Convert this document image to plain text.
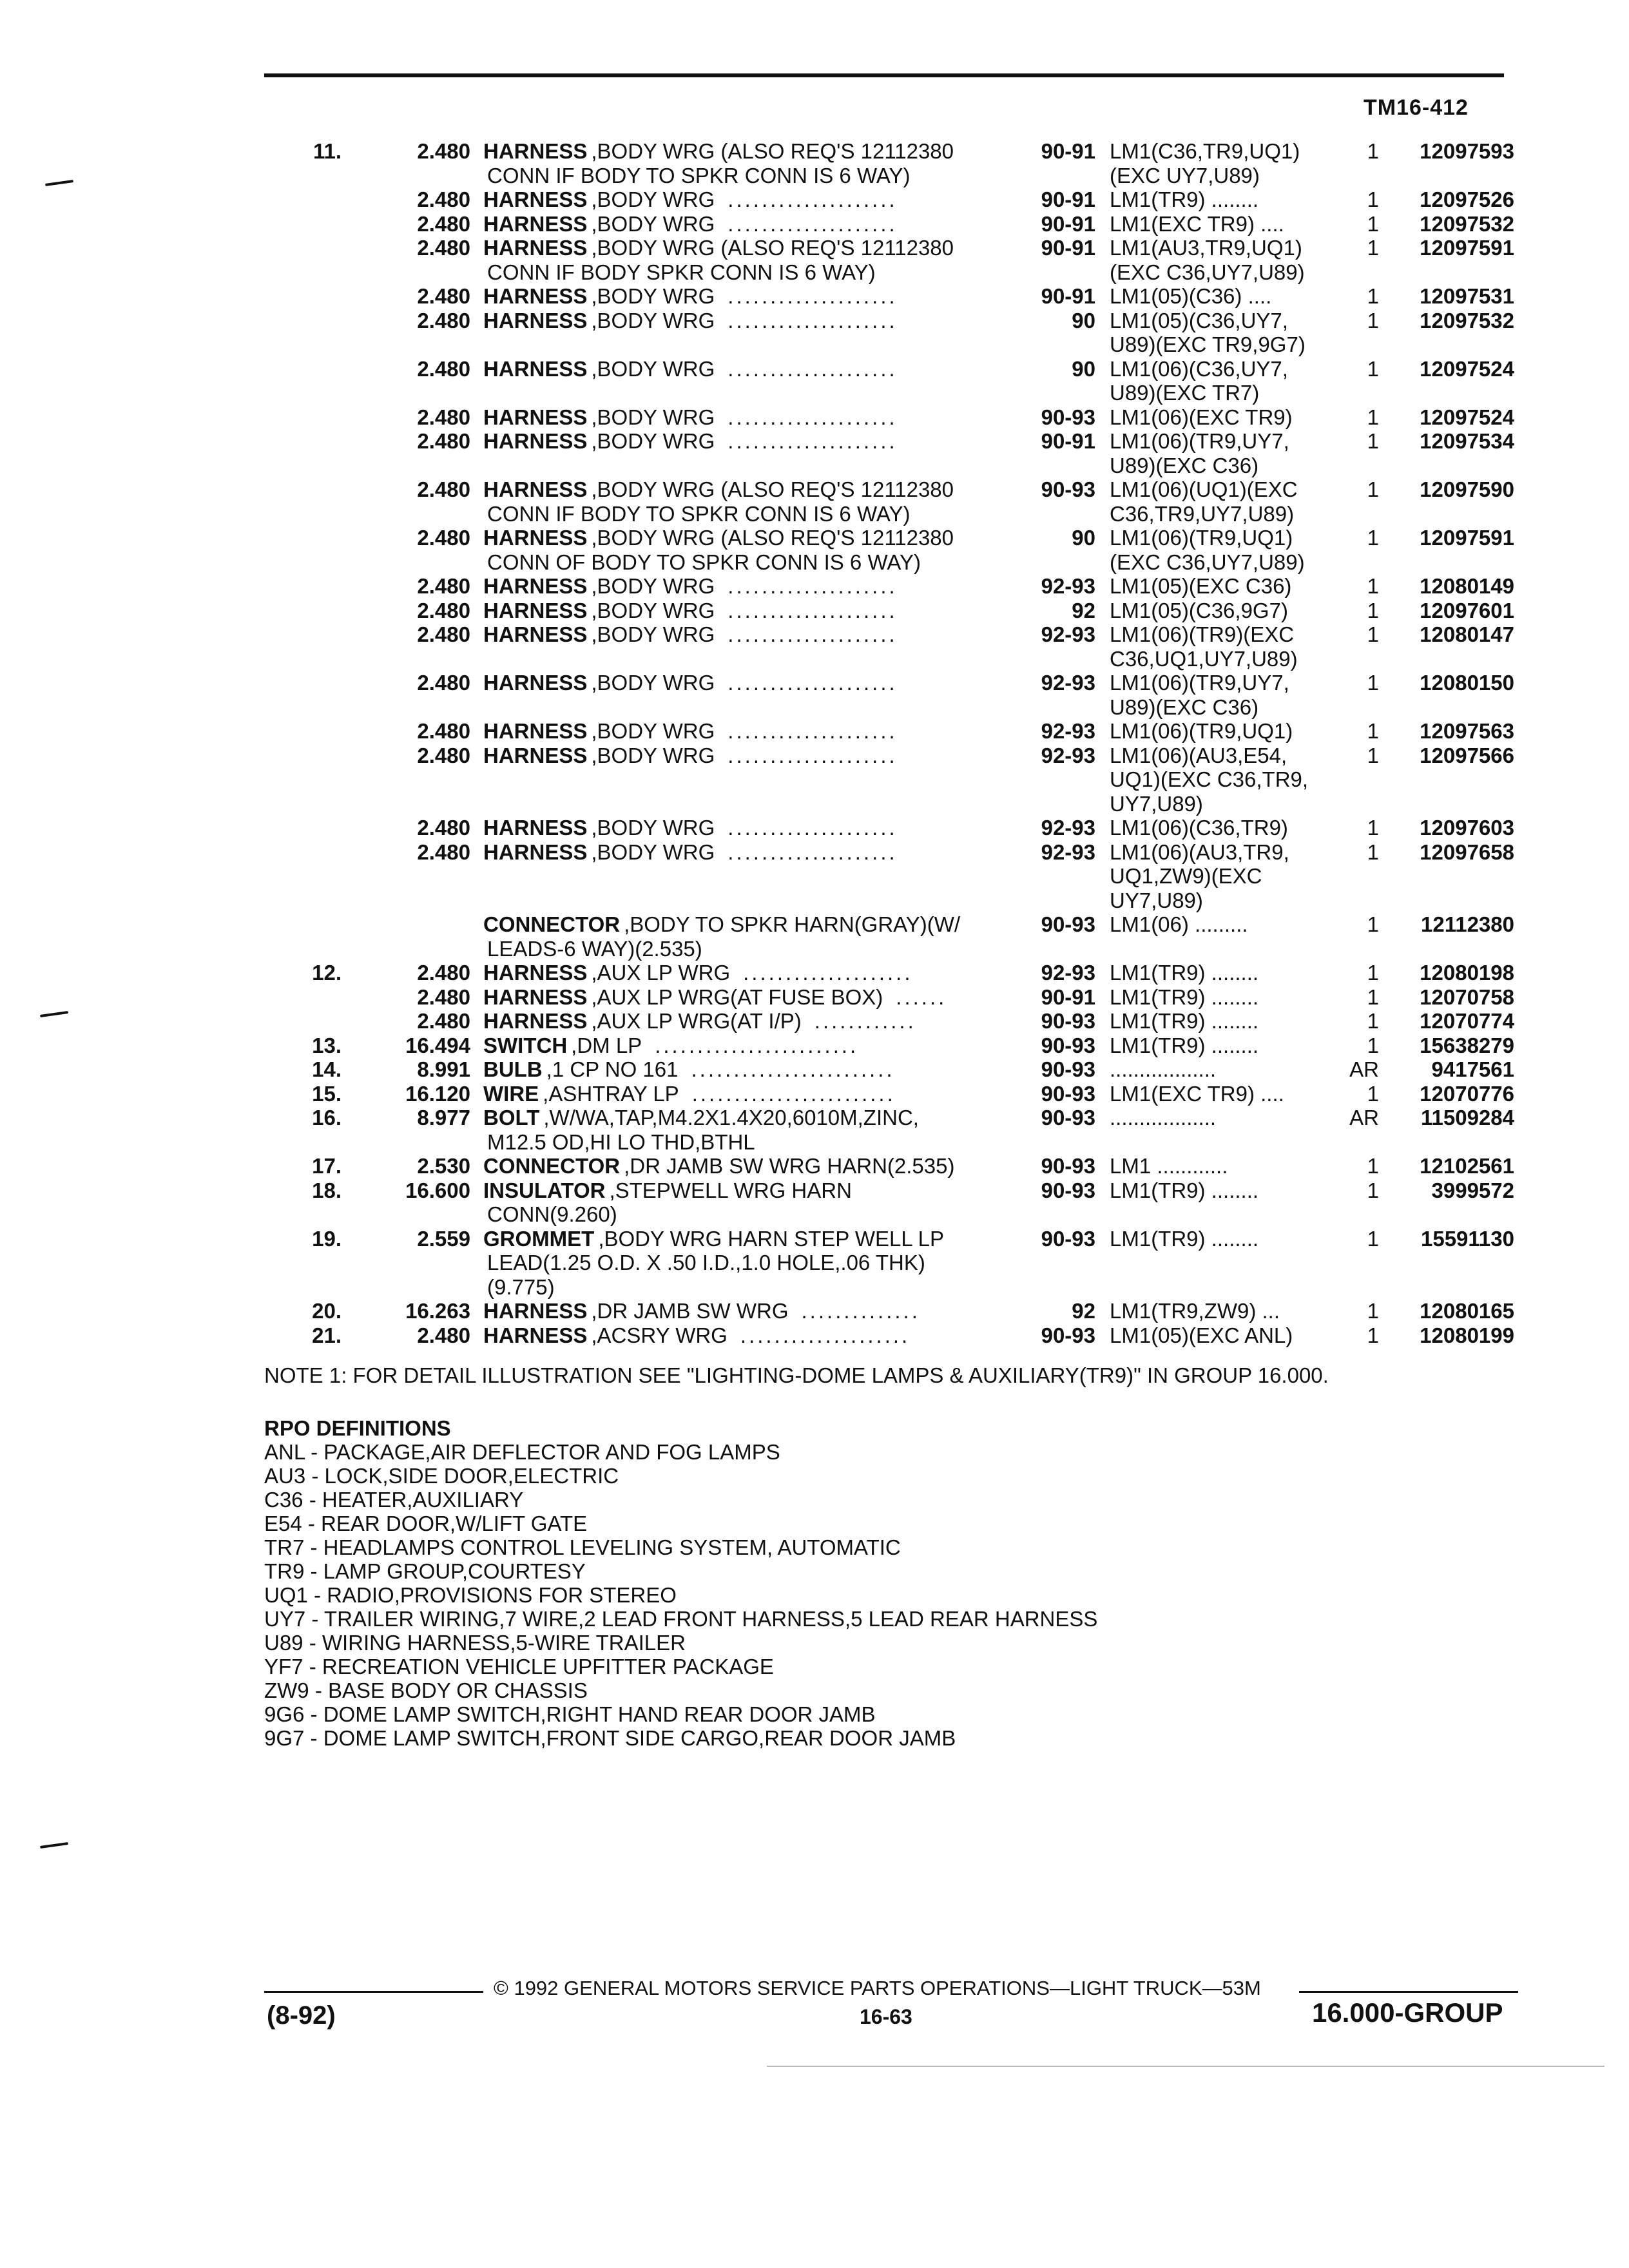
TM16-412
11.	2.480 HARNESS ,BODY WRG (ALSO REQ'S 12112380	90-91 LM1(C36,TR9,UQ1)	1	12097593
CONN IF BODY TO SPKR CONN IS 6 WAY)	(EXC UY7,U89)
2.480 HARNESS ,BODY WRG ....................	90-91 LM1(TR9) ........	1	12097526
2.480 HARNESS ,BODY WRG ....................	90-91 LM1(EXC TR9) ....	1	12097532
2.480 HARNESS ,BODY WRG (ALSO REQ'S 12112380	90-91 LM1(AU3,TR9,UQ1)	1	12097591
CONN IF BODY SPKR CONN IS 6 WAY)	(EXC C36,UY7,U89)
2.480 HARNESS ,BODY WRG ....................	90-91 LM1(05)(C36) ....	1	12097531
2.480 HARNESS ,BODY WRG ....................	90 LM1(05)(C36,UY7,	1	12097532
U89)(EXC TR9,9G7)
2.480 HARNESS ,BODY WRG ....................	90 LM1(06)(C36,UY7,	1	12097524
U89)(EXC TR7)
2.480 HARNESS ,BODY WRG ....................	90-93 LM1(06)(EXC TR9)	1	12097524
2.480 HARNESS ,BODY WRG ....................	90-91 LM1(06)(TR9,UY7,	1	12097534
U89)(EXC C36)
2.480 HARNESS ,BODY WRG (ALSO REQ'S 12112380	90-93 LM1(06)(UQ1)(EXC	1	12097590
CONN IF BODY TO SPKR CONN IS 6 WAY)	C36,TR9,UY7,U89)
2.480 HARNESS ,BODY WRG (ALSO REQ'S 12112380	90 LM1(06)(TR9,UQ1)	1	12097591
CONN OF BODY TO SPKR CONN IS 6 WAY)	(EXC C36,UY7,U89)
2.480 HARNESS ,BODY WRG ....................	92-93 LM1(05)(EXC C36)	1	12080149
2.480 HARNESS ,BODY WRG ....................	92 LM1(05)(C36,9G7)	1	12097601
2.480 HARNESS ,BODY WRG ....................	92-93 LM1(06)(TR9)(EXC	1	12080147
C36,UQ1,UY7,U89)
2.480 HARNESS ,BODY WRG ....................	92-93 LM1(06)(TR9,UY7,	1	12080150
U89)(EXC C36)
2.480 HARNESS ,BODY WRG ....................	92-93 LM1(06)(TR9,UQ1)	1	12097563
2.480 HARNESS ,BODY WRG ....................	92-93 LM1(06)(AU3,E54,	1	12097566
UQ1)(EXC C36,TR9,
UY7,U89)
2.480 HARNESS ,BODY WRG ....................	92-93 LM1(06)(C36,TR9)	1	12097603
2.480 HARNESS ,BODY WRG ....................	92-93 LM1(06)(AU3,TR9,	1	12097658
UQ1,ZW9)(EXC
UY7,U89)
CONNECTOR ,BODY TO SPKR HARN(GRAY)(W/	90-93 LM1(06) .........	1	12112380
LEADS-6 WAY)(2.535)
12.	2.480 HARNESS ,AUX LP WRG ....................	92-93 LM1(TR9) ........	1	12080198
2.480 HARNESS ,AUX LP WRG(AT FUSE BOX) ......	90-91 LM1(TR9) ........	1	12070758
2.480 HARNESS ,AUX LP WRG(AT I/P) ............	90-93 LM1(TR9) ........	1	12070774
13.	16.494 SWITCH ,DM LP ........................	90-93 LM1(TR9) ........	1	15638279
14.	8.991 BULB ,1 CP NO 161 ........................	90-93 ..................	AR	9417561
15.	16.120 WIRE ,ASHTRAY LP ........................	90-93 LM1(EXC TR9) ....	1	12070776
16.	8.977 BOLT ,W/WA,TAP,M4.2X1.4X20,6010M,ZINC,	90-93 ..................	AR	11509284
M12.5 OD,HI LO THD,BTHL
17.	2.530 CONNECTOR ,DR JAMB SW WRG HARN(2.535)	90-93 LM1 ............	1	12102561
18.	16.600 INSULATOR ,STEPWELL WRG HARN	90-93 LM1(TR9) ........	1	3999572
CONN(9.260)
19.	2.559 GROMMET ,BODY WRG HARN STEP WELL LP	90-93 LM1(TR9) ........	1	15591130
LEAD(1.25 O.D. X .50 I.D.,1.0 HOLE,.06 THK)
(9.775)
20.	16.263 HARNESS ,DR JAMB SW WRG ..............	92 LM1(TR9,ZW9) ...	1	12080165
21.	2.480 HARNESS ,ACSRY WRG ....................	90-93 LM1(05)(EXC ANL)	1	12080199
NOTE 1: FOR DETAIL ILLUSTRATION SEE "LIGHTING-DOME LAMPS & AUXILIARY(TR9)" IN GROUP 16.000.
RPO DEFINITIONS
ANL - PACKAGE,AIR DEFLECTOR AND FOG LAMPS
AU3 - LOCK,SIDE DOOR,ELECTRIC
C36 - HEATER,AUXILIARY
E54 - REAR DOOR,W/LIFT GATE
TR7 - HEADLAMPS CONTROL LEVELING SYSTEM, AUTOMATIC
TR9 - LAMP GROUP,COURTESY
UQ1 - RADIO,PROVISIONS FOR STEREO
UY7 - TRAILER WIRING,7 WIRE,2 LEAD FRONT HARNESS,5 LEAD REAR HARNESS
U89 - WIRING HARNESS,5-WIRE TRAILER
YF7 - RECREATION VEHICLE UPFITTER PACKAGE
ZW9 - BASE BODY OR CHASSIS
9G6 - DOME LAMP SWITCH,RIGHT HAND REAR DOOR JAMB
9G7 - DOME LAMP SWITCH,FRONT SIDE CARGO,REAR DOOR JAMB
© 1992 GENERAL MOTORS SERVICE PARTS OPERATIONS—LIGHT TRUCK—53M
(8-92)	16-63	16.000-GROUP
